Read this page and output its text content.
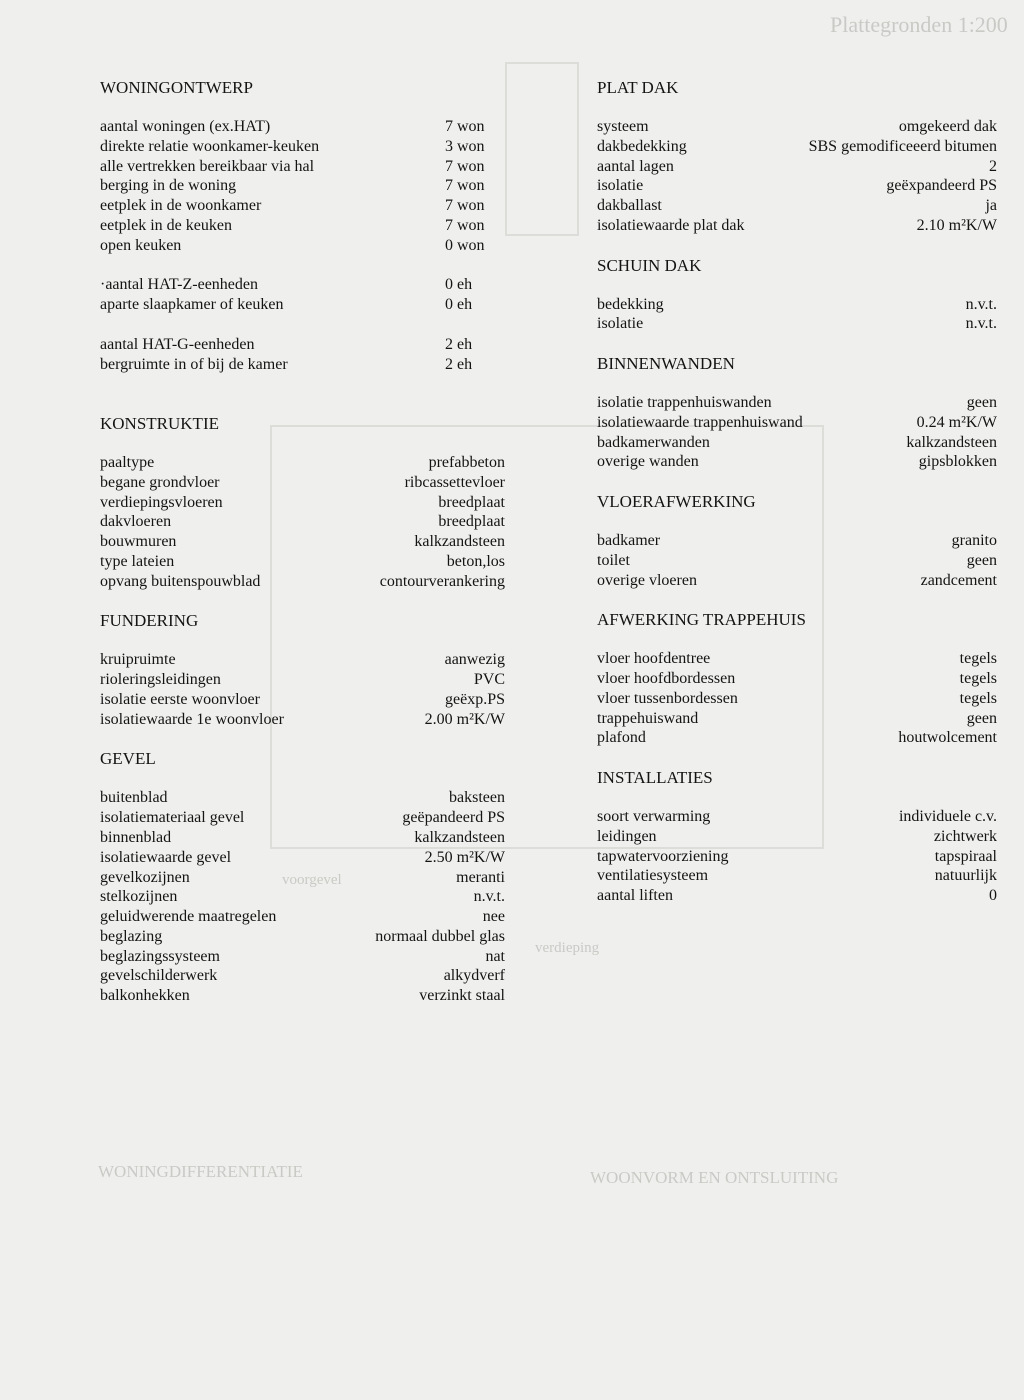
Plattegronden 1:200
voorgevel
verdieping
WONINGDIFFERENTIATIE	WOONVORM EN ONTSLUITING
WONINGONTWERP
aantal woningen (ex.HAT)	7 won
direkte relatie woonkamer-keuken	3 won
alle vertrekken bereikbaar via hal	7 won
berging in de woning	7 won
eetplek in de woonkamer	7 won
eetplek in de keuken	7 won
open keuken	0 won
·aantal HAT-Z-eenheden	0 eh
aparte slaapkamer of keuken	0 eh
aantal HAT-G-eenheden	2 eh
bergruimte in of bij de kamer	2 eh
KONSTRUKTIE
paaltype	prefabbeton
begane grondvloer	ribcassettevloer
verdiepingsvloeren	breedplaat
dakvloeren	breedplaat
bouwmuren	kalkzandsteen
type lateien	beton,los
opvang buitenspouwblad	contourverankering
FUNDERING
kruipruimte	aanwezig
rioleringsleidingen	PVC
isolatie eerste woonvloer	geëxp.PS
isolatiewaarde 1e woonvloer	2.00 m²K/W
GEVEL
buitenblad	baksteen
isolatiemateriaal gevel	geëpandeerd PS
binnenblad	kalkzandsteen
isolatiewaarde gevel	2.50 m²K/W
gevelkozijnen	meranti
stelkozijnen	n.v.t.
geluidwerende maatregelen	nee
beglazing	normaal dubbel glas
beglazingssysteem	nat
gevelschilderwerk	alkydverf
balkonhekken	verzinkt staal
PLAT DAK
systeem	omgekeerd dak
dakbedekking	SBS gemodificeeerd bitumen
aantal lagen	2
isolatie	geëxpandeerd PS
dakballast	ja
isolatiewaarde plat dak	2.10 m²K/W
SCHUIN DAK
bedekking	n.v.t.
isolatie	n.v.t.
BINNENWANDEN
isolatie trappenhuiswanden	geen
isolatiewaarde trappenhuiswand	0.24 m²K/W
badkamerwanden	kalkzandsteen
overige wanden	gipsblokken
VLOERAFWERKING
badkamer	granito
toilet	geen
overige vloeren	zandcement
AFWERKING TRAPPEHUIS
vloer hoofdentree	tegels
vloer hoofdbordessen	tegels
vloer tussenbordessen	tegels
trappehuiswand	geen
plafond	houtwolcement
INSTALLATIES
soort verwarming	individuele c.v.
leidingen	zichtwerk
tapwatervoorziening	tapspiraal
ventilatiesysteem	natuurlijk
aantal liften	0
